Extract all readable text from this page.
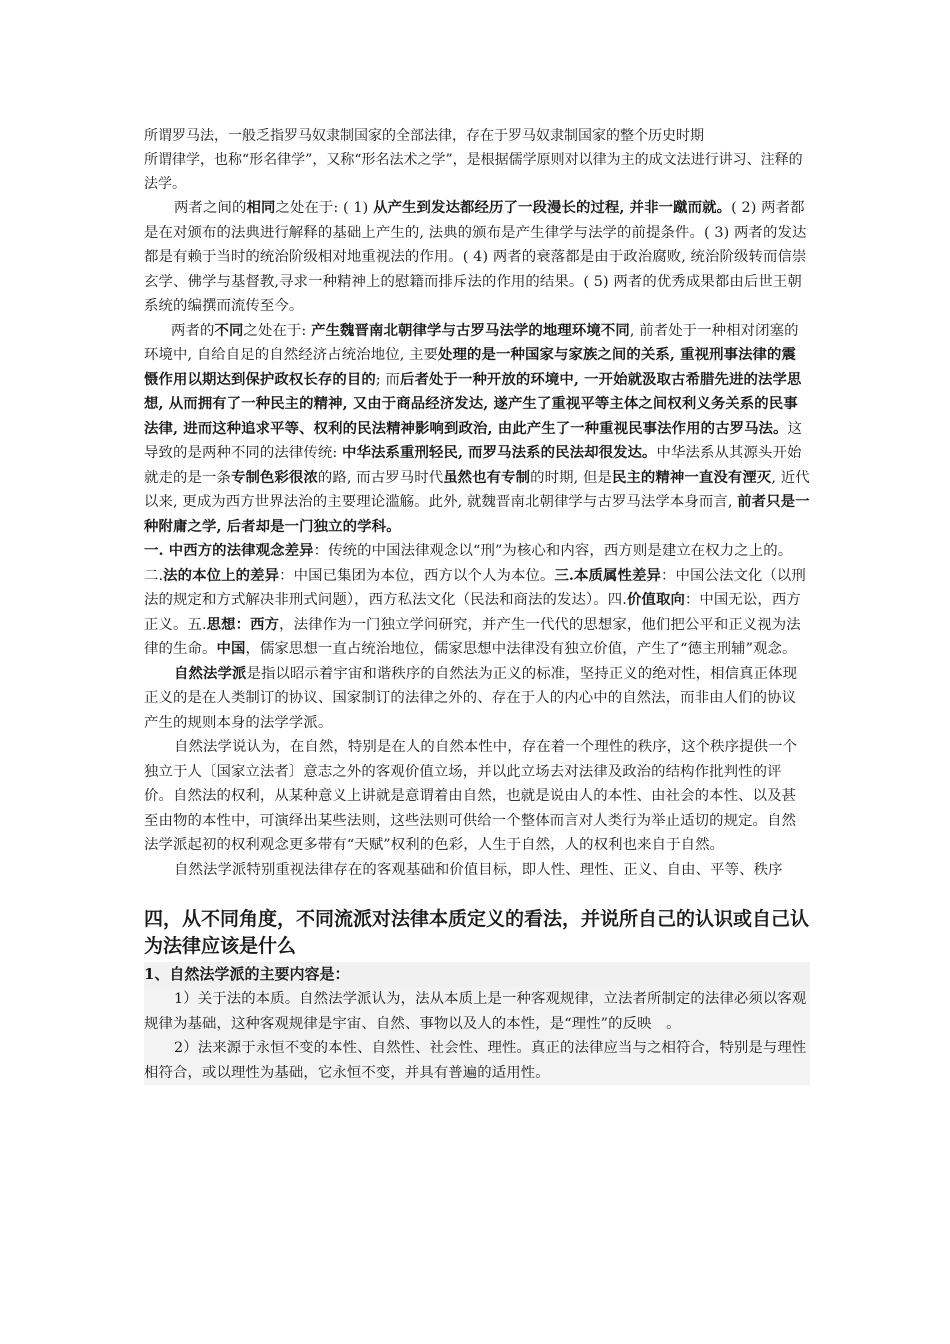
所谓罗马法，一般乏指罗马奴隶制国家的全部法律，存在于罗马奴隶制国家的整个历史时期

所谓律学，也称“形名律学”，又称“形名法术之学”，是根据儒学原则对以律为主的成文法进行讲习、注释的法学。

两者之间的相同之处在于: ( 1) 从产生到发达都经历了一段漫长的过程, 并非一蹴而就。( 2) 两者都是在对颁布的法典进行解释的基础上产生的, 法典的颁布是产生律学与法学的前提条件。( 3) 两者的发达都是有赖于当时的统治阶级相对地重视法的作用。( 4) 两者的衰落都是由于政治腐败, 统治阶级转而信崇玄学、佛学与基督教,寻求一种精神上的慰籍而排斥法的作用的结果。( 5) 两者的优秀成果都由后世王朝系统的编撰而流传至今。

两者的不同之处在于: 产生魏晋南北朝律学与古罗马法学的地理环境不同, 前者处于一种相对闭塞的环境中, 自给自足的自然经济占统治地位, 主要处理的是一种国家与家族之间的关系, 重视刑事法律的震慑作用以期达到保护政权长存的目的; 而后者处于一种开放的环境中, 一开始就汲取古希腊先进的法学思想, 从而拥有了一种民主的精神, 又由于商品经济发达, 遂产生了重视平等主体之间权利义务关系的民事法律, 进而这种追求平等、权利的民法精神影响到政治, 由此产生了一种重视民事法作用的古罗马法。这导致的是两种不同的法律传统: 中华法系重刑轻民, 而罗马法系的民法却很发达。中华法系从其源头开始就走的是一条专制色彩很浓的路, 而古罗马时代虽然也有专制的时期, 但是民主的精神一直没有湮灭, 近代以来, 更成为西方世界法治的主要理论滥觞。此外, 就魏晋南北朝律学与古罗马法学本身而言, 前者只是一种附庸之学, 后者却是一门独立的学科。

一. 中西方的法律观念差异：传统的中国法律观念以“刑”为核心和内容，西方则是建立在权力之上的。二.法的本位上的差异：中国已集团为本位，西方以个人为本位。三.本质属性差异：中国公法文化（以刑法的规定和方式解决非刑式问题），西方私法文化（民法和商法的发达）。四.价值取向：中国无讼，西方正义。五.思想：西方，法律作为一门独立学问研究，并产生一代代的思想家，他们把公平和正义视为法律的生命。中国，儒家思想一直占统治地位，儒家思想中法律没有独立价值，产生了“德主刑辅”观念。

自然法学派是指以昭示着宇宙和谐秩序的自然法为正义的标准，坚持正义的绝对性，相信真正体现正义的是在人类制订的协议、国家制订的法律之外的、存在于人的内心中的自然法，而非由人们的协议产生的规则本身的法学学派。

自然法学说认为，在自然，特别是在人的自然本性中，存在着一个理性的秩序，这个秩序提供一个独立于人〔国家立法者〕意志之外的客观价值立场，并以此立场去对法律及政治的结构作批判性的评价。自然法的权利，从某种意义上讲就是意谓着由自然，也就是说由人的本性、由社会的本性、以及甚至由物的本性中，可演绎出某些法则，这些法则可供给一个整体而言对人类行为举止适切的规定。自然法学派起初的权利观念更多带有“天赋”权利的色彩，人生于自然，人的权利也来自于自然。

自然法学派特别重视法律存在的客观基础和价值目标，即人性、理性、正义、自由、平等、秩序

四，从不同角度，不同流派对法律本质定义的看法，并说所自己的认识或自己认为法律应该是什么

1、自然法学派的主要内容是：

1）关于法的本质。自然法学派认为，法从本质上是一种客观规律，立法者所制定的法律必须以客观规律为基础，这种客观规律是宇宙、自然、事物以及人的本性，是“理性”的反映　。

2）法来源于永恒不变的本性、自然性、社会性、理性。真正的法律应当与之相符合，特别是与理性相符合，或以理性为基础，它永恒不变，并具有普遍的适用性。
